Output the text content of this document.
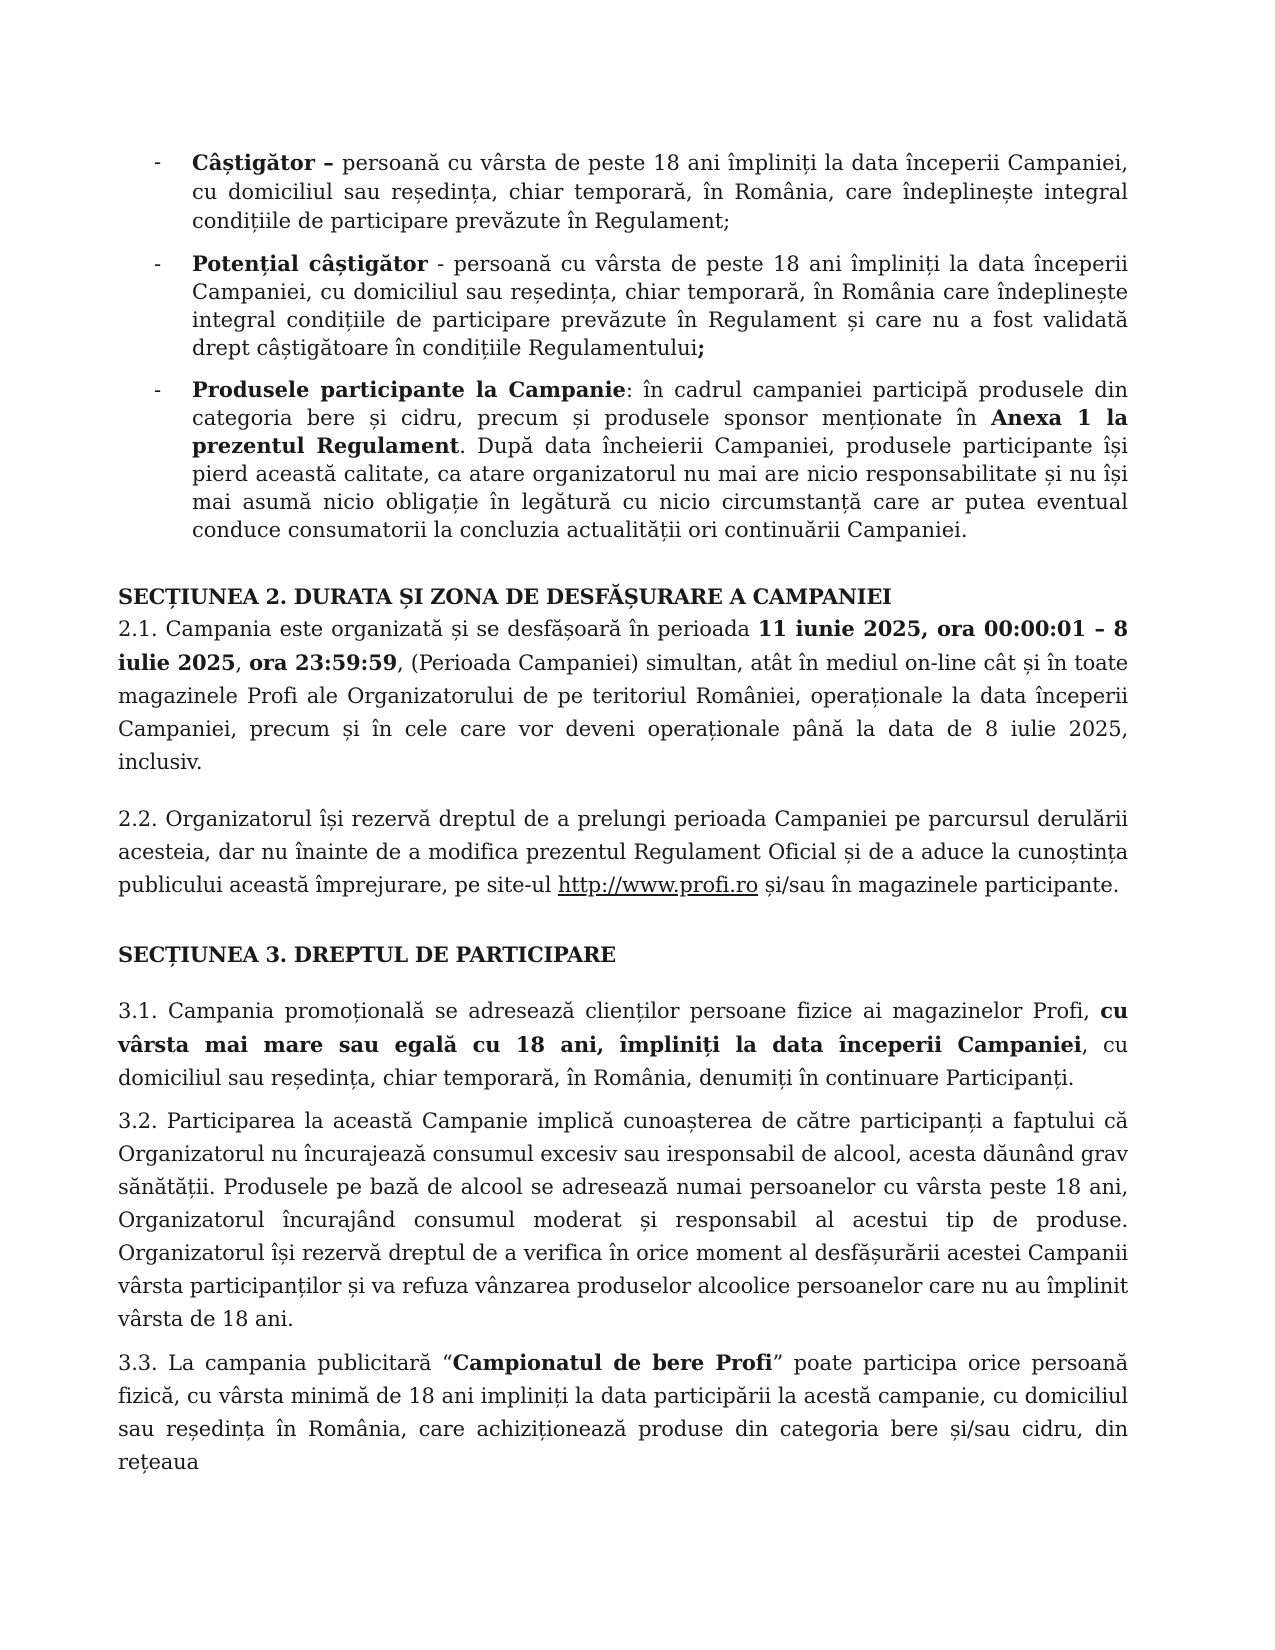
- Câștigător – persoană cu vârsta de peste 18 ani împliniți la data începerii Campaniei, cu domiciliul sau reședința, chiar temporară, în România, care îndeplinește integral condițiile de participare prevăzute în Regulament;
- Potențial câștigător - persoană cu vârsta de peste 18 ani împliniți la data începerii Campaniei, cu domiciliul sau reședința, chiar temporară, în România care îndeplinește integral condițiile de participare prevăzute în Regulament și care nu a fost validată drept câștigătoare în condițiile Regulamentului;
- Produsele participante la Campanie: în cadrul campaniei participă produsele din categoria bere și cidru, precum și produsele sponsor menționate în Anexa 1 la prezentul Regulament. După data încheierii Campaniei, produsele participante își pierd această calitate, ca atare organizatorul nu mai are nicio responsabilitate și nu își mai asumă nicio obligație în legătură cu nicio circumstanță care ar putea eventual conduce consumatorii la concluzia actualității ori continuării Campaniei.
SECȚIUNEA 2. DURATA ȘI ZONA DE DESFĂȘURARE A CAMPANIEI

2.1. Campania este organizată și se desfășoară în perioada 11 iunie 2025, ora 00:00:01 – 8 iulie 2025, ora 23:59:59, (Perioada Campaniei) simultan, atât în mediul on-line cât și în toate magazinele Profi ale Organizatorului de pe teritoriul României, operaționale la data începerii Campaniei, precum și în cele care vor deveni operaționale până la data de 8 iulie 2025, inclusiv.

2.2. Organizatorul își rezervă dreptul de a prelungi perioada Campaniei pe parcursul derulării acesteia, dar nu înainte de a modifica prezentul Regulament Oficial și de a aduce la cunoștința publicului această împrejurare, pe site-ul http://www.profi.ro și/sau în magazinele participante.

SECȚIUNEA 3. DREPTUL DE PARTICIPARE

3.1. Campania promoțională se adresează clienților persoane fizice ai magazinelor Profi, cu vârsta mai mare sau egală cu 18 ani, împliniți la data începerii Campaniei, cu domiciliul sau reședința, chiar temporară, în România, denumiți în continuare Participanți.

3.2. Participarea la această Campanie implică cunoașterea de către participanți a faptului că Organizatorul nu încurajează consumul excesiv sau iresponsabil de alcool, acesta dăunând grav sănătății. Produsele pe bază de alcool se adresează numai persoanelor cu vârsta peste 18 ani, Organizatorul încurajând consumul moderat și responsabil al acestui tip de produse. Organizatorul își rezervă dreptul de a verifica în orice moment al desfășurării acestei Campanii vârsta participanților și va refuza vânzarea produselor alcoolice persoanelor care nu au împlinit vârsta de 18 ani.

3.3. La campania publicitară “Campionatul de bere Profi” poate participa orice persoană fizică, cu vârsta minimă de 18 ani impliniți la data participării la acestă campanie, cu domiciliul sau reședința în România, care achiziționează produse din categoria bere și/sau cidru, din rețeaua
